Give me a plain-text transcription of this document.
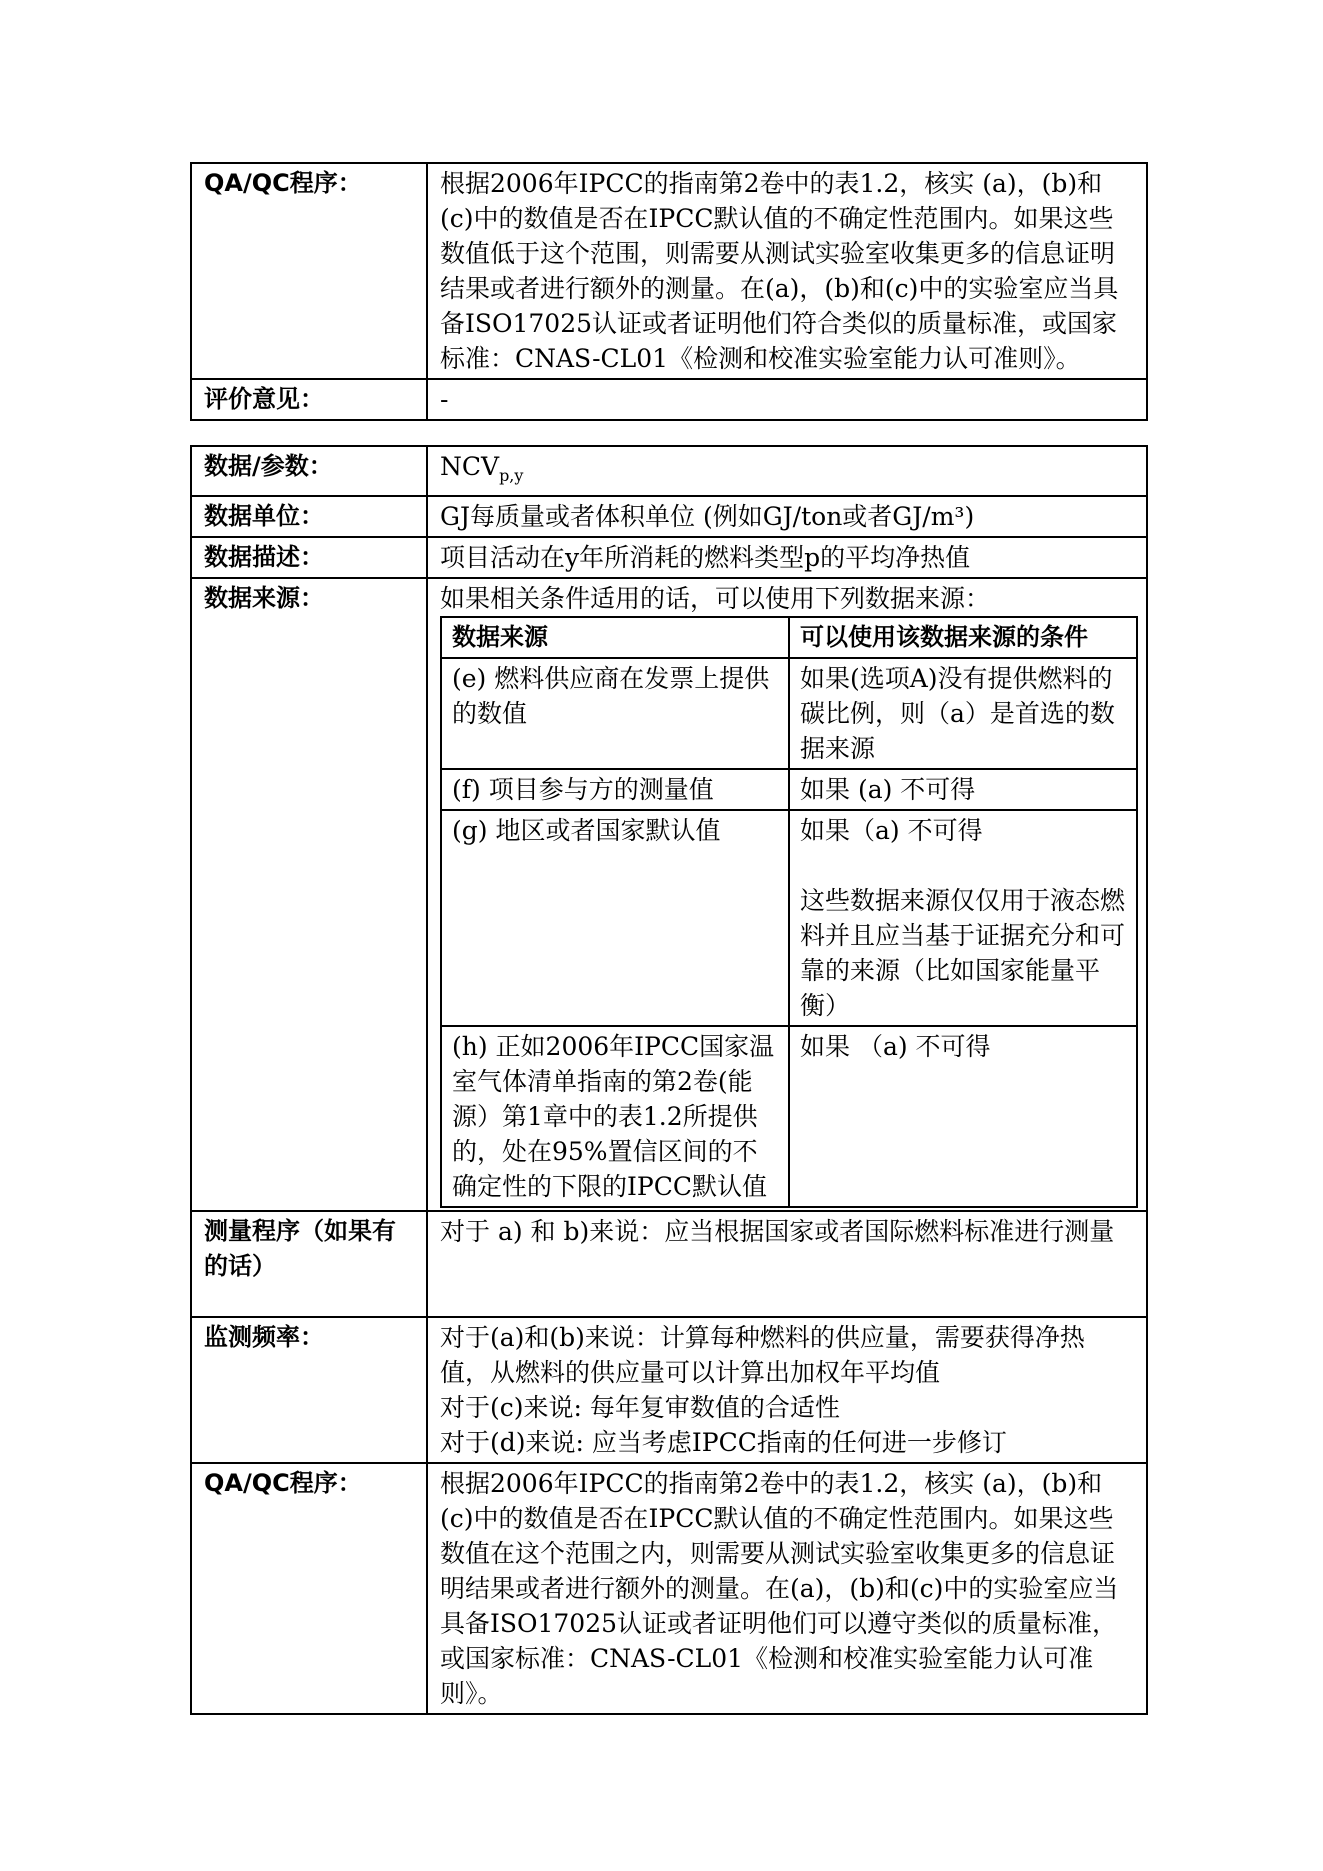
QA/QC程序：	根据2006年IPCC的指南第2卷中的表1.2，核实 (a)，(b)和(c)中的数值是否在IPCC默认值的不确定性范围内。如果这些数值低于这个范围，则需要从测试实验室收集更多的信息证明结果或者进行额外的测量。在(a)，(b)和(c)中的实验室应当具备ISO17025认证或者证明他们符合类似的质量标准，或国家标准：CNAS-CL01《检测和校准实验室能力认可准则》。
评价意见：	-
数据/参数：	$NCV_{p,y}$
数据单位：	GJ每质量或者体积单位 (例如GJ/ton或者GJ/m³)
数据描述：	项目活动在y年所消耗的燃料类型p的平均净热值
数据来源：	如果相关条件适用的话，可以使用下列数据来源：
数据来源	可以使用该数据来源的条件
(e) 燃料供应商在发票上提供的数值	如果(选项A)没有提供燃料的碳比例，则（a）是首选的数据来源
(f) 项目参与方的测量值	如果 (a) 不可得
(g) 地区或者国家默认值	如果（a) 不可得
这些数据来源仅仅用于液态燃料并且应当基于证据充分和可靠的来源（比如国家能量平衡）

(h) 正如2006年IPCC国家温室气体清单指南的第2卷(能源）第1章中的表1.2所提供的，处在95%置信区间的不确定性的下限的IPCC默认值	如果 （a) 不可得

测量程序（如果有的话）	对于 a) 和 b)来说：应当根据国家或者国际燃料标准进行测量
监测频率：	对于(a)和(b)来说：计算每种燃料的供应量，需要获得净热值，从燃料的供应量可以计算出加权年平均值
对于(c)来说: 每年复审数值的合适性
对于(d)来说: 应当考虑IPCC指南的任何进一步修订

QA/QC程序：	根据2006年IPCC的指南第2卷中的表1.2，核实 (a)，(b)和(c)中的数值是否在IPCC默认值的不确定性范围内。如果这些数值在这个范围之内，则需要从测试实验室收集更多的信息证明结果或者进行额外的测量。在(a)，(b)和(c)中的实验室应当具备ISO17025认证或者证明他们可以遵守类似的质量标准，或国家标准：CNAS-CL01《检测和校准实验室能力认可准则》。
